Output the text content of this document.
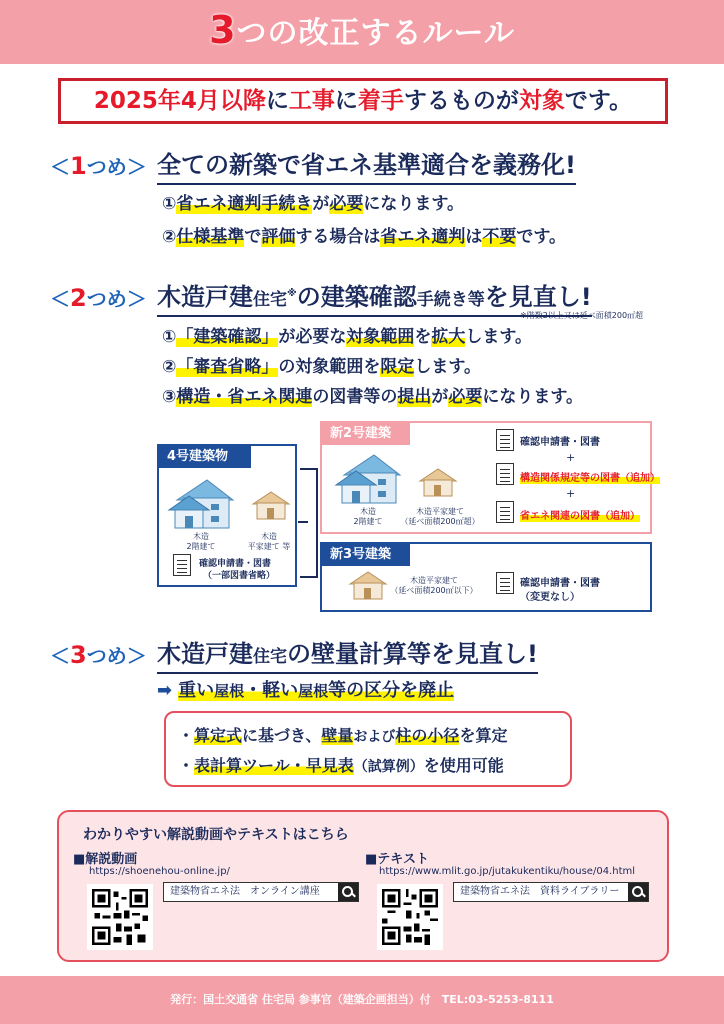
3つの改正するルール
2025年4月以降に工事に着手するものが対象です。
＜1つめ＞ 全ての新築で省エネ基準適合を義務化!
①省エネ適判手続きが必要になります。
②仕様基準で評価する場合は省エネ適判は不要です。
＜2つめ＞ 木造戸建住宅※の建築確認手続き等を見直し!
※階数2以上又は延べ面積200㎡超
①「建築確認」が必要な対象範囲を拡大します。
②「審査省略」の対象範囲を限定します。
③構造・省エネ関連の図書等の提出が必要になります。
4号建築物
木造
2階建て
木造
平家建て 等
確認申請書・図書
（一部図書省略）
新2号建築物
木造
2階建て
木造平家建て
（延べ面積200㎡超）
確認申請書・図書
+
構造関係規定等の図書（追加）
+
省エネ関連の図書（追加）
新3号建築物	木造平家建て
（延べ面積200㎡以下）
確認申請書・図書
（変更なし）
＜3つめ＞ 木造戸建住宅の壁量計算等を見直し!
➡ 重い屋根・軽い屋根等の区分を廃止
・算定式に基づき、壁量および柱の小径を算定
・表計算ツール・早見表（試算例）を使用可能
わかりやすい解説動画やテキストはこちら
■解説動画
https://shoenehou-online.jp/
建築物省エネ法　オンライン講座
■テキスト
https://www.mlit.go.jp/jutakukentiku/house/04.html
建築物省エネ法　資料ライブラリー
発行：国土交通省 住宅局 参事官（建築企画担当）付　TEL:03-5253-8111
